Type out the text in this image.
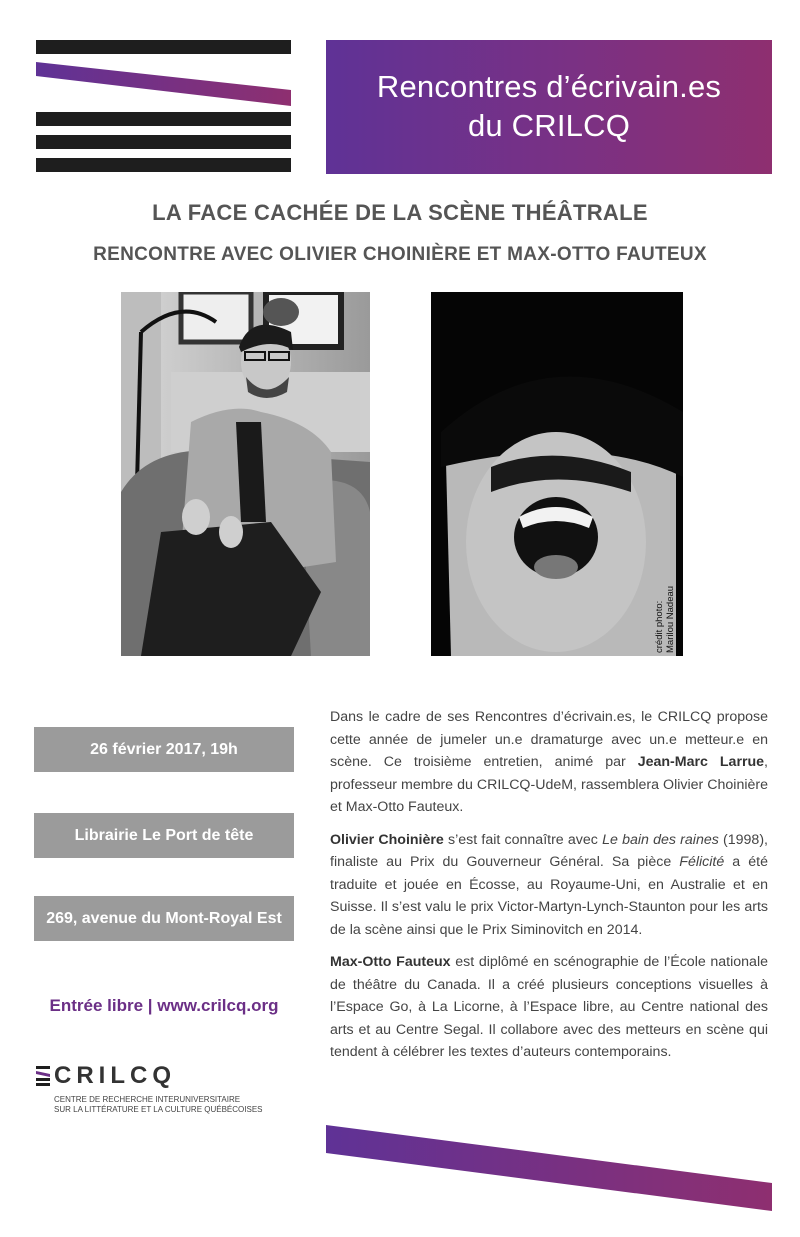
Rencontres d’écrivain.es
du CRILCQ
LA FACE CACHÉE DE LA SCÈNE THÉÂTRALE
RENCONTRE AVEC OLIVIER CHOINIÈRE ET MAX-OTTO FAUTEUX
crédit photo: Marilou Nadeau
26 février 2017, 19h
Librairie Le Port de tête
269, avenue du Mont-Royal Est
Entrée libre | www.crilcq.org
CRILCQ
CENTRE DE RECHERCHE INTERUNIVERSITAIRE
SUR LA LITTÉRATURE ET LA CULTURE QUÉBÉCOISES

Dans le cadre de ses Rencontres d’écrivain.es, le CRILCQ propose cette année de jumeler un.e dramaturge avec un.e metteur.e en scène. Ce troisième entretien, animé par Jean-Marc Larrue, professeur membre du CRILCQ-UdeM, rassemblera Olivier Choinière et Max-Otto Fauteux.

Olivier Choinière s’est fait connaître avec Le bain des raines (1998), finaliste au Prix du Gouverneur Général. Sa pièce Félicité a été traduite et jouée en Écosse, au Royaume-Uni, en Australie et en Suisse. Il s’est valu le prix Victor-Martyn-Lynch-Staunton pour les arts de la scène ainsi que le Prix Siminovitch en 2014.

Max-Otto Fauteux est diplômé en scénographie de l’École nationale de théâtre du Canada. Il a créé plusieurs conceptions visuelles à l’Espace Go, à La Licorne, à l’Espace libre, au Centre national des arts et au Centre Segal. Il collabore avec des metteurs en scène qui tendent à célébrer les textes d’auteurs contemporains.
